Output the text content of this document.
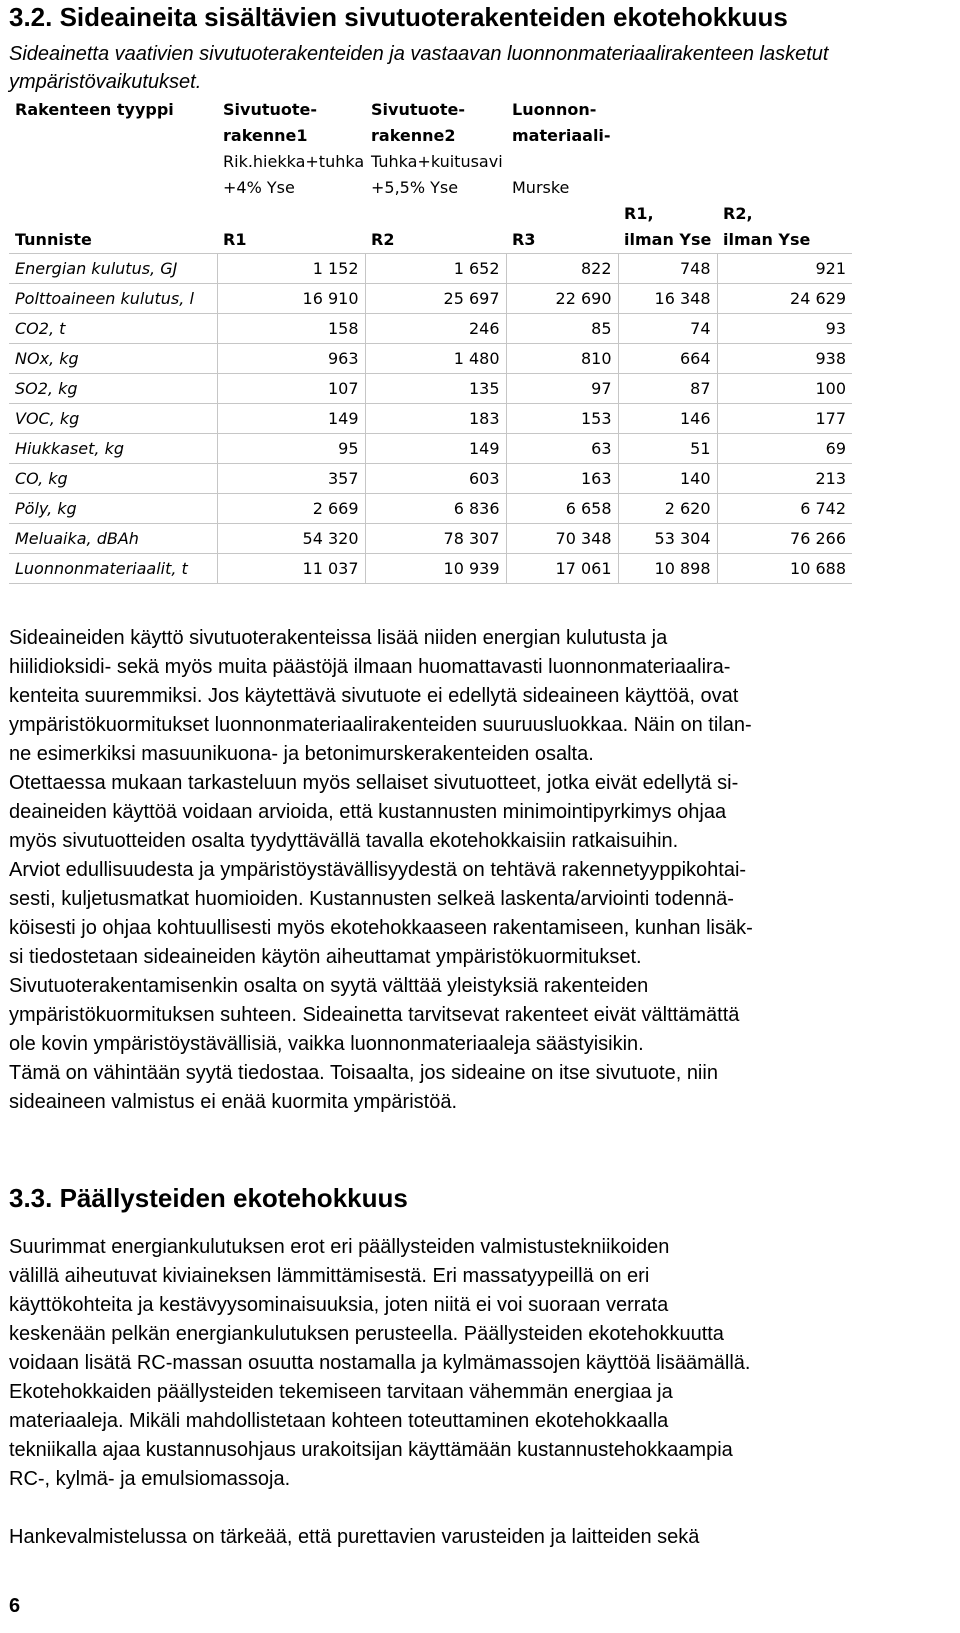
3.2. Sideaineita sisältävien sivutuoterakenteiden ekotehokkuus
Sideainetta vaativien sivutuoterakenteiden ja vastaavan luonnonmateriaalirakenteen lasketut ympäristövaikutukset.
Rakenteen tyyppi	Sivutuote-	Sivutuote-	Luonnon-		
	rakenne1	rakenne2	materiaali-		
	Rik.hiekka+tuhka	Tuhka+kuitusavi			
	+4% Yse	+5,5% Yse	Murske		
				R1,	R2,
Tunniste	R1	R2	R3	ilman Yse	ilman Yse
Energian kulutus, GJ	1 152	1 652	822	748	921
Polttoaineen kulutus, l	16 910	25 697	22 690	16 348	24 629
CO2, t	158	246	85	74	93
NOx, kg	963	1 480	810	664	938
SO2, kg	107	135	97	87	100
VOC, kg	149	183	153	146	177
Hiukkaset, kg	95	149	63	51	69
CO, kg	357	603	163	140	213
Pöly, kg	2 669	6 836	6 658	2 620	6 742
Meluaika, dBAh	54 320	78 307	70 348	53 304	76 266
Luonnonmateriaalit, t	11 037	10 939	17 061	10 898	10 688
Sideaineiden käyttö sivutuoterakenteissa lisää niiden energian kulutusta ja
hiilidioksidi- sekä myös muita päästöjä ilmaan huomattavasti luonnonmateriaalira-
kenteita suuremmiksi. Jos käytettävä sivutuote ei edellytä sideaineen käyttöä, ovat
ympäristökuormitukset luonnonmateriaalirakenteiden suuruusluokkaa. Näin on tilan-
ne esimerkiksi masuunikuona- ja betonimurskerakenteiden osalta.
Otettaessa mukaan tarkasteluun myös sellaiset sivutuotteet, jotka eivät edellytä si-
deaineiden käyttöä voidaan arvioida, että kustannusten minimointipyrkimys ohjaa
myös sivutuotteiden osalta tyydyttävällä tavalla ekotehokkaisiin ratkaisuihin.
Arviot edullisuudesta ja ympäristöystävällisyydestä on tehtävä rakennetyyppikohtai-
sesti, kuljetusmatkat huomioiden. Kustannusten selkeä laskenta/arviointi todennä-
köisesti jo ohjaa kohtuullisesti myös ekotehokkaaseen rakentamiseen, kunhan lisäk-
si tiedostetaan sideaineiden käytön aiheuttamat ympäristökuormitukset.
Sivutuoterakentamisenkin osalta on syytä välttää yleistyksiä rakenteiden
ympäristökuormituksen suhteen. Sideainetta tarvitsevat rakenteet eivät välttämättä
ole kovin ympäristöystävällisiä, vaikka luonnonmateriaaleja säästyisikin.
Tämä on vähintään syytä tiedostaa. Toisaalta, jos sideaine on itse sivutuote, niin
sideaineen valmistus ei enää kuormita ympäristöä.
3.3. Päällysteiden ekotehokkuus
Suurimmat energiankulutuksen erot eri päällysteiden valmistustekniikoiden
välillä aiheutuvat kiviaineksen lämmittämisestä. Eri massatyypeillä on eri
käyttökohteita ja kestävyysominaisuuksia, joten niitä ei voi suoraan verrata
keskenään pelkän energiankulutuksen perusteella. Päällysteiden ekotehokkuutta
voidaan lisätä RC-massan osuutta nostamalla ja kylmämassojen käyttöä lisäämällä.
Ekotehokkaiden päällysteiden tekemiseen tarvitaan vähemmän energiaa ja
materiaaleja. Mikäli mahdollistetaan kohteen toteuttaminen ekotehokkaalla
tekniikalla ajaa kustannusohjaus urakoitsijan käyttämään kustannustehokkaampia
RC-, kylmä- ja emulsiomassoja.
Hankevalmistelussa on tärkeää, että purettavien varusteiden ja laitteiden sekä
6
